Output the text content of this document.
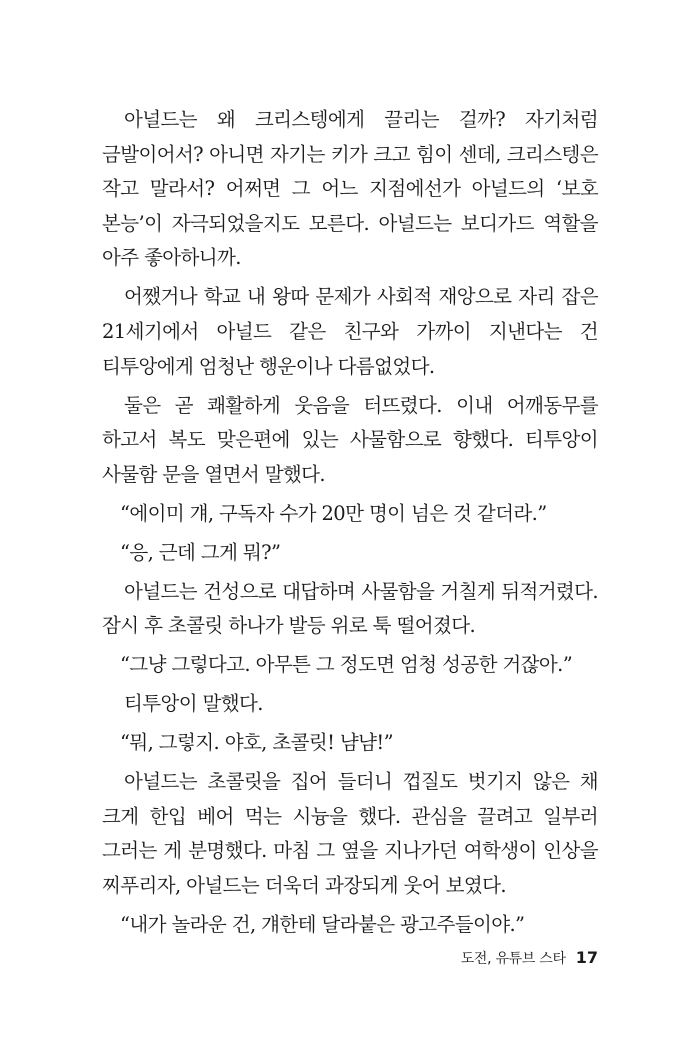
아널드는 왜 크리스텡에게 끌리는 걸까? 자기처럼 금발이어서? 아니면 자기는 키가 크고 힘이 센데, 크리스텡은 작고 말라서? 어쩌면 그 어느 지점에선가 아널드의 ‘보호 본능’이 자극되었을지도 모른다. 아널드는 보디가드 역할을 아주 좋아하니까.

어쨌거나 학교 내 왕따 문제가 사회적 재앙으로 자리 잡은 21세기에서 아널드 같은 친구와 가까이 지낸다는 건 티투앙에게 엄청난 행운이나 다름없었다.

둘은 곧 쾌활하게 웃음을 터뜨렸다. 이내 어깨동무를 하고서 복도 맞은편에 있는 사물함으로 향했다. 티투앙이 사물함 문을 열면서 말했다.

“에이미 걔, 구독자 수가 20만 명이 넘은 것 같더라.”

“응, 근데 그게 뭐?”

아널드는 건성으로 대답하며 사물함을 거칠게 뒤적거렸다. 잠시 후 초콜릿 하나가 발등 위로 툭 떨어졌다.

“그냥 그렇다고. 아무튼 그 정도면 엄청 성공한 거잖아.”

티투앙이 말했다.

“뭐, 그렇지. 야호, 초콜릿! 냠냠!”

아널드는 초콜릿을 집어 들더니 껍질도 벗기지 않은 채 크게 한입 베어 먹는 시늉을 했다. 관심을 끌려고 일부러 그러는 게 분명했다. 마침 그 옆을 지나가던 여학생이 인상을 찌푸리자, 아널드는 더욱더 과장되게 웃어 보였다.

“내가 놀라운 건, 걔한테 달라붙은 광고주들이야.”

도전, 유튜브 스타 17
